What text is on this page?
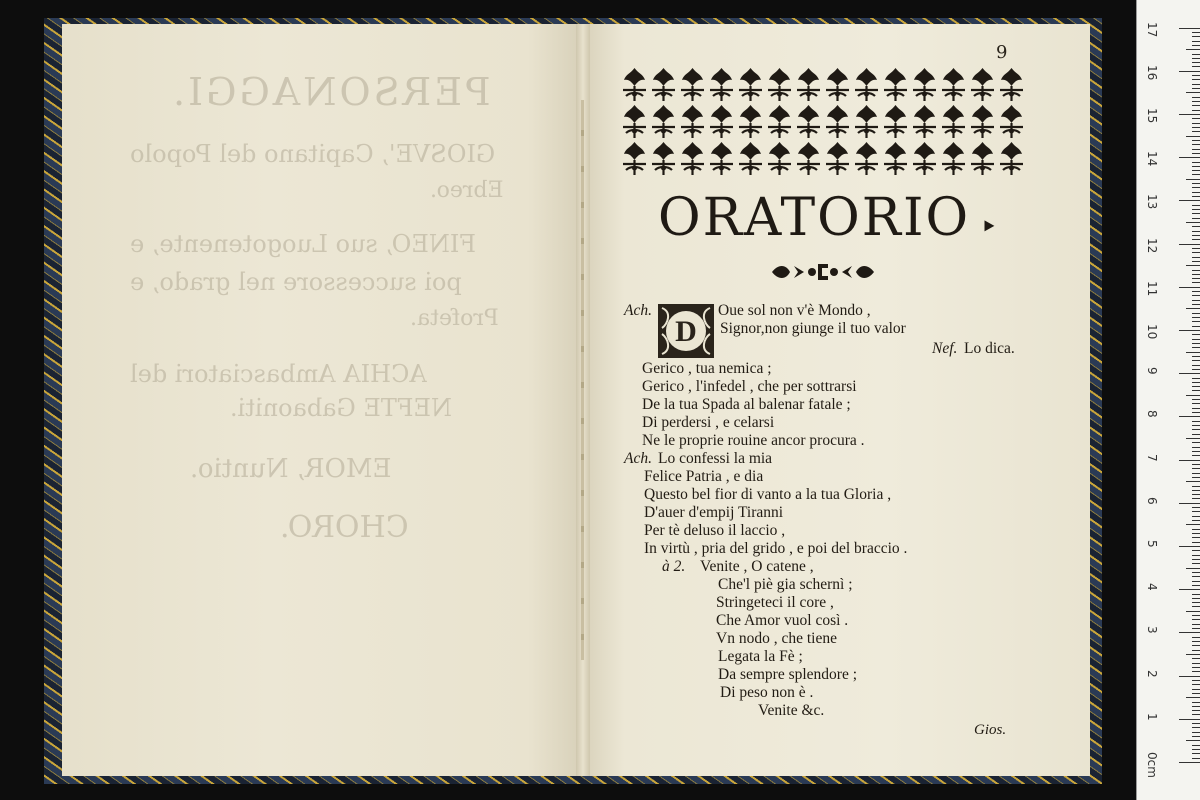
PERSONAGGI.
GIOSVE', Capitano del Popolo
Ebreo.
FINEO, suo Luogotenente, e
poi successore nel grado, e
Profeta.
ACHIA Ambasciatori del
NEFTE Gabaoniti.
EMOR, Nuntio.
CHORO.
9
ORATORIO ‣
D
Ach.	Oue sol non v'è Mondo ,
Signor,non giunge il tuo valor
Nef. Lo dica.
Gerico , tua nemica ;
Gerico , l'infedel , che per sottrarsi
De la tua Spada al balenar fatale ;
Di perdersi , e celarsi
Ne le proprie rouine ancor procura .
Ach. Lo confessi la mia
Felice Patria , e dia
Questo bel fior di vanto a la tua Gloria ,
D'auer d'empij Tiranni
Per tè deluso il laccio ,
In virtù , pria del grido , e poi del braccio .
à 2. Venite , O catene ,
Che'l piè gia schernì ;
Stringeteci il core ,
Che Amor vuol così .
Vn nodo , che tiene
Legata la Fè ;
Da sempre splendore ;
Di peso non è .
Venite &c.
Gios.
0cm
1
2
3
4
5
6
7
8
9
10
11
12
13
14
15
16
17
